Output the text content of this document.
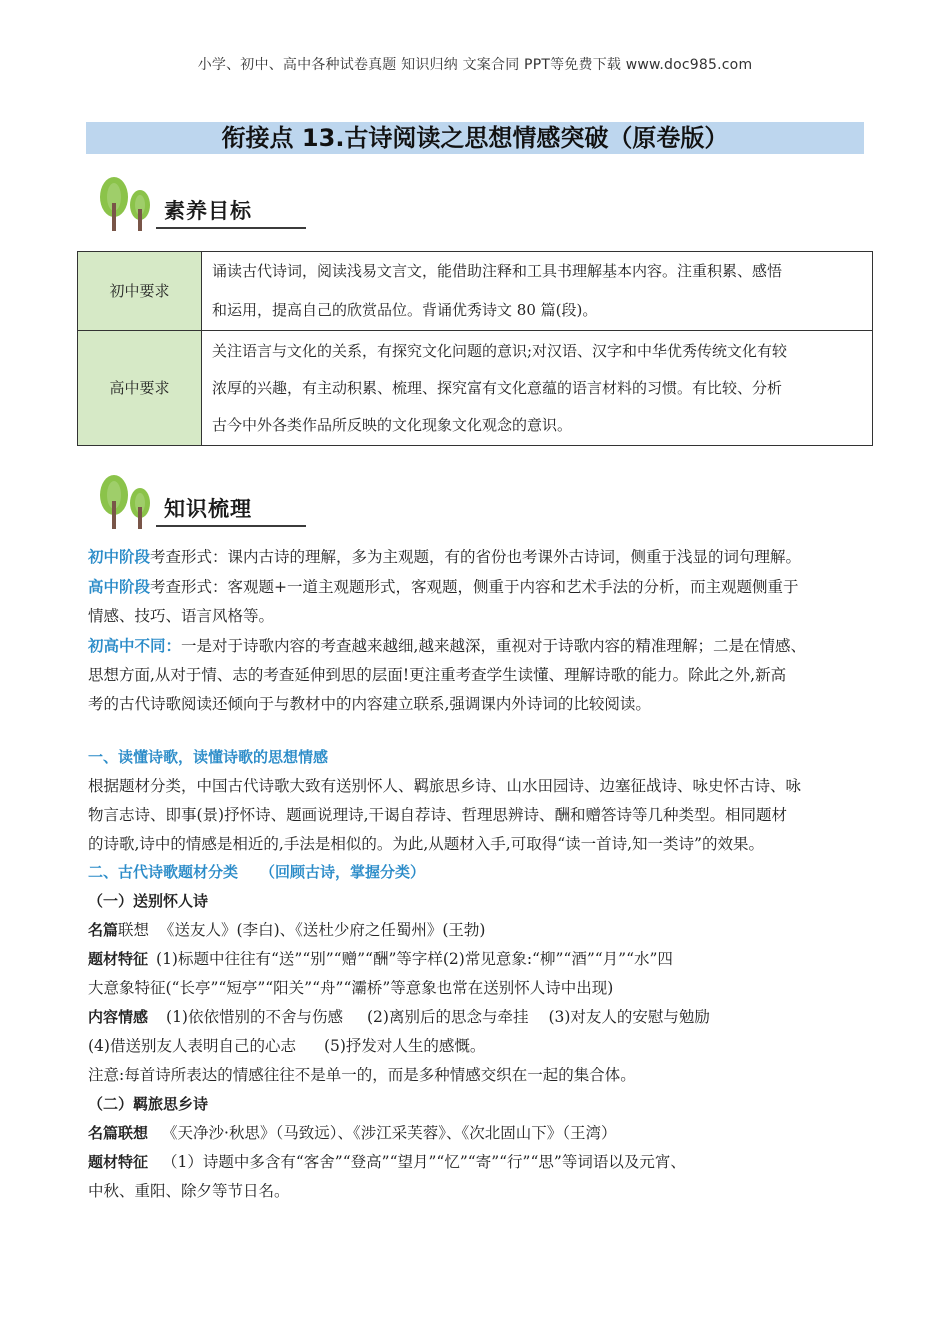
小学、初中、高中各种试卷真题 知识归纳 文案合同 PPT等免费下载 www.doc985.com
衔接点 13.古诗阅读之思想情感突破（原卷版）
素养目标
初中要求	诵读古代诗词，阅读浅易文言文，能借助注释和工具书理解基本内容。注重积累、感悟
和运用，提高自己的欣赏品位。背诵优秀诗文 80 篇(段)。

高中要求	关注语言与文化的关系，有探究文化问题的意识;对汉语、汉字和中华优秀传统文化有较
浓厚的兴趣，有主动积累、梳理、探究富有文化意蕴的语言材料的习惯。有比较、分析
古今中外各类作品所反映的文化现象文化观念的意识。
知识梳理
初中阶段考查形式：课内古诗的理解，多为主观题，有的省份也考课外古诗词，侧重于浅显的词句理解。
高中阶段考查形式：客观题+一道主观题形式，客观题，侧重于内容和艺术手法的分析，而主观题侧重于
情感、技巧、语言风格等。
初高中不同：一是对于诗歌内容的考查越来越细,越来越深，重视对于诗歌内容的精准理解；二是在情感、
思想方面,从对于情、志的考查延伸到思的层面!更注重考查学生读懂、理解诗歌的能力。除此之外,新高
考的古代诗歌阅读还倾向于与教材中的内容建立联系,强调课内外诗词的比较阅读。
一、读懂诗歌，读懂诗歌的思想情感
根据题材分类，中国古代诗歌大致有送别怀人、羁旅思乡诗、山水田园诗、边塞征战诗、咏史怀古诗、咏
物言志诗、即事(景)抒怀诗、题画说理诗,干谒自荐诗、哲理思辨诗、酬和赠答诗等几种类型。相同题材
的诗歌,诗中的情感是相近的,手法是相似的。为此,从题材入手,可取得“读一首诗,知一类诗”的效果。
二、古代诗歌题材分类 （回顾古诗，掌握分类）
（一）送别怀人诗
名篇联想 《送友人》(李白)、《送杜少府之任蜀州》(王勃)
题材特征 (1)标题中往往有“送”“别”“赠”“酬”等字样(2)常见意象:“柳”“酒”“月”“水”四
大意象特征(“长亭”“短亭”“阳关”“舟”“灞桥”等意象也常在送别怀人诗中出现)
内容情感 (1)依依惜别的不舍与伤感 (2)离别后的思念与牵挂 (3)对友人的安慰与勉励
(4)借送别友人表明自己的心志 (5)抒发对人生的感慨。
注意:每首诗所表达的情感往往不是单一的，而是多种情感交织在一起的集合体。
（二）羁旅思乡诗
名篇联想 《天净沙·秋思》（马致远）、《涉江采芙蓉》、《次北固山下》（王湾）
题材特征 （1）诗题中多含有“客舍”“登高”“望月”“忆”“寄”“行”“思”等词语以及元宵、
中秋、重阳、除夕等节日名。
